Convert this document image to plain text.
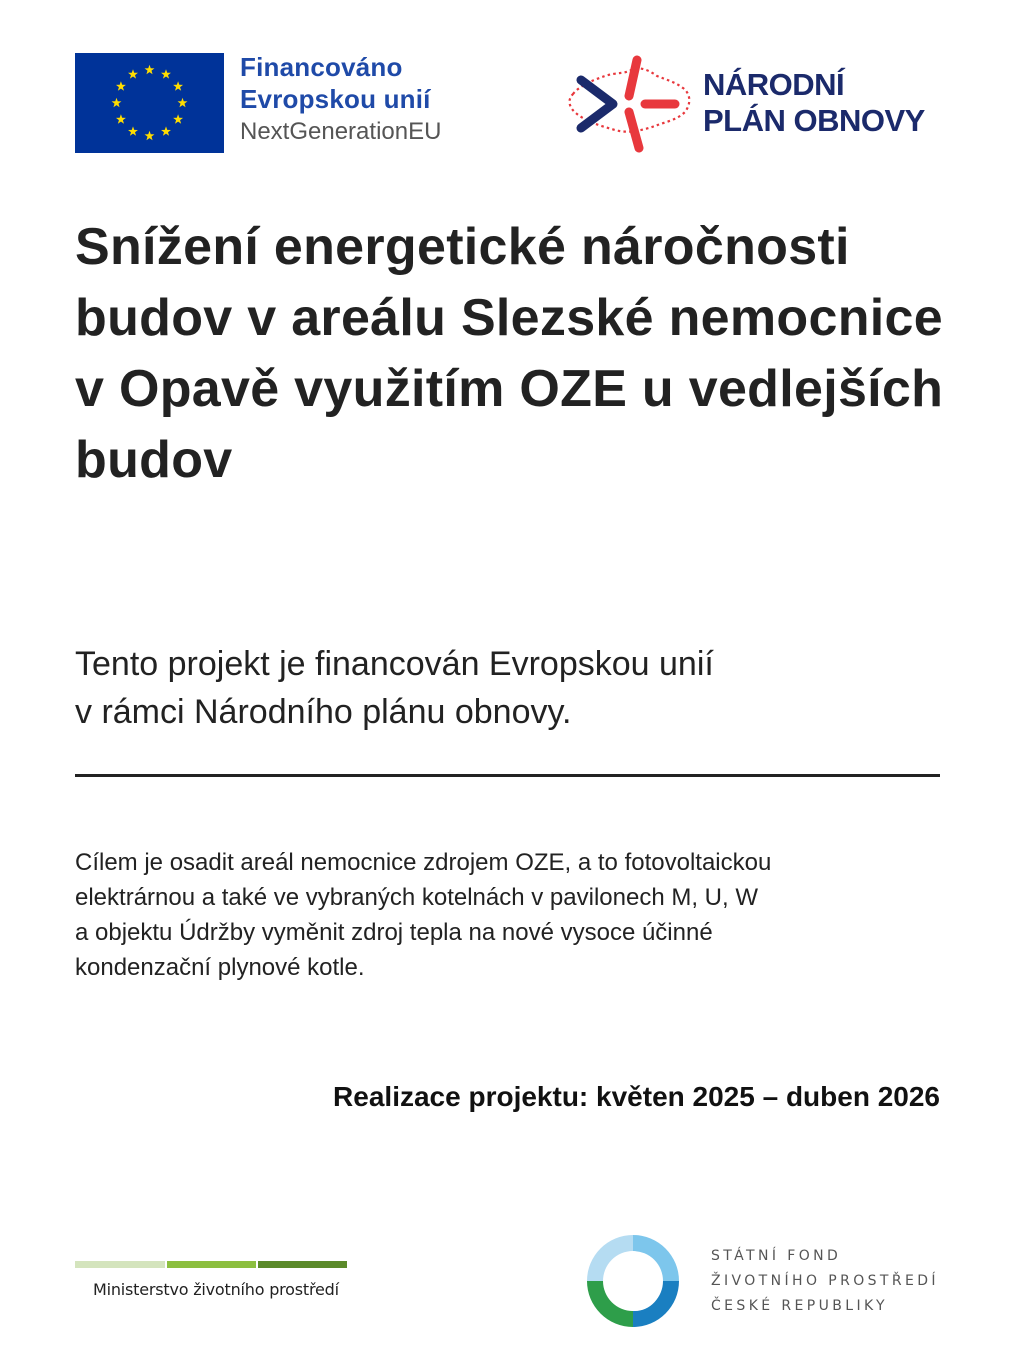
Financováno
Evropskou unií
NextGenerationEU
NÁRODNÍ
PLÁN OBNOVY
Snížení energetické náročnosti budov v areálu Slezské nemocnice v Opavě využitím OZE u vedlejších budov
Tento projekt je financován Evropskou unií
v rámci Národního plánu obnovy.
Cílem je osadit areál nemocnice zdrojem OZE, a to fotovoltaickou
elektrárnou a také ve vybraných kotelnách v pavilonech M, U, W
a objektu Údržby vyměnit zdroj tepla na nové vysoce účinné
kondenzační plynové kotle.
Realizace projektu: květen 2025 – duben 2026
Ministerstvo životního prostředí
STÁTNÍ FOND
ŽIVOTNÍHO PROSTŘEDÍ
ČESKÉ REPUBLIKY
